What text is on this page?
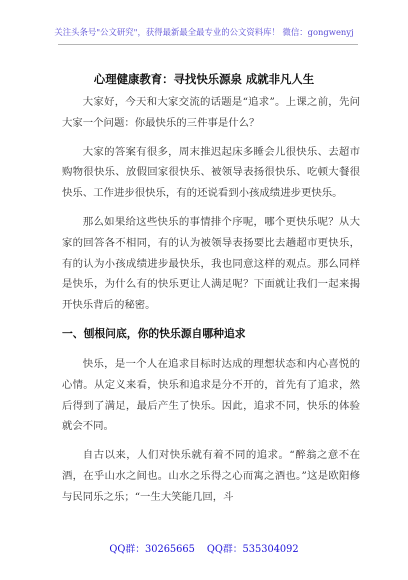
关注头条号"公文研究"，获得最新最全最专业的公文资料库！ 微信：gongwenyj
心理健康教育：寻找快乐源泉 成就非凡人生

大家好，今天和大家交流的话题是“追求”。上课之前，先问大家一个问题：你最快乐的三件事是什么？

大家的答案有很多，周末推迟起床多睡会儿很快乐、去超市购物很快乐、放假回家很快乐、被领导表扬很快乐、吃顿大餐很快乐、工作进步很快乐，有的还说看到小孩成绩进步更快乐。

那么如果给这些快乐的事情排个序呢，哪个更快乐呢？从大家的回答各不相同，有的认为被领导表扬要比去趟超市更快乐，有的认为小孩成绩进步最快乐，我也同意这样的观点。那么同样是快乐，为什么有的快乐更让人满足呢？下面就让我们一起来揭开快乐背后的秘密。

一、刨根问底，你的快乐源自哪种追求

快乐，是一个人在追求目标时达成的理想状态和内心喜悦的心情。从定义来看，快乐和追求是分不开的，首先有了追求，然后得到了满足，最后产生了快乐。因此，追求不同，快乐的体验就会不同。

自古以来，人们对快乐就有着不同的追求。“醉翁之意不在酒，在乎山水之间也。山水之乐得之心而寓之酒也。”这是欧阳修与民同乐之乐；“一生大笑能几回，斗

QQ群：30265665 QQ群：535304092
